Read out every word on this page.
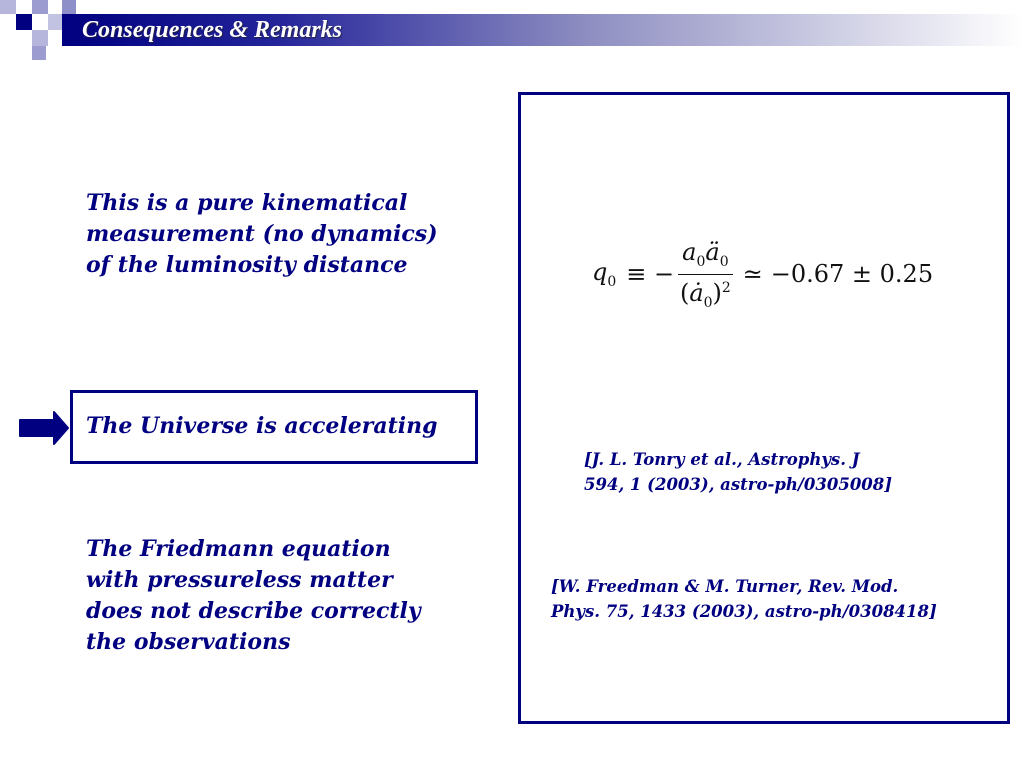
Consequences & Remarks
This is a pure kinematical
measurement (no dynamics)
of the luminosity distance
The Universe is accelerating
The Friedmann equation
with pressureless matter
does not describe correctly
the observations
$q_0$ ≡ − $\frac{a_0ä_0}{(ȧ_0)^2}$ ≃ −0.67 ± 0.25
[J. L. Tonry et al., Astrophys. J
594, 1 (2003), astro-ph/0305008]
[W. Freedman & M. Turner, Rev. Mod.
Phys. 75, 1433 (2003), astro-ph/0308418]
